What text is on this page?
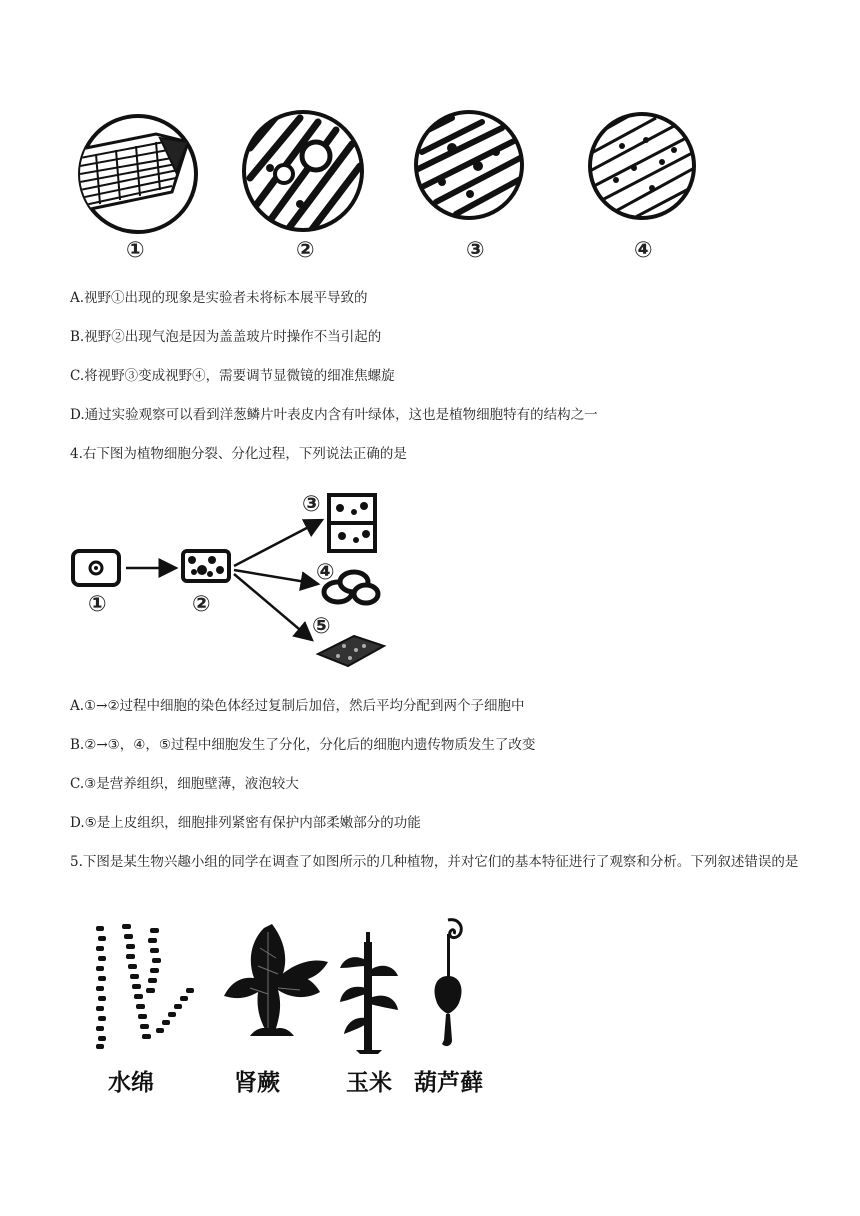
①	②	③	④
A.视野①出现的现象是实验者未将标本展平导致的
B.视野②出现气泡是因为盖盖玻片时操作不当引起的
C.将视野③变成视野④，需要调节显微镜的细准焦螺旋
D.通过实验观察可以看到洋葱鳞片叶表皮内含有叶绿体，这也是植物细胞特有的结构之一
4.右下图为植物细胞分裂、分化过程，下列说法正确的是
①	②
③
④
⑤
A.①→②过程中细胞的染色体经过复制后加倍，然后平均分配到两个子细胞中
B.②→③，④，⑤过程中细胞发生了分化，分化后的细胞内遗传物质发生了改变
C.③是营养组织，细胞壁薄，液泡较大
D.⑤是上皮组织，细胞排列紧密有保护内部柔嫩部分的功能
5.下图是某生物兴趣小组的同学在调查了如图所示的几种植物，并对它们的基本特征进行了观察和分析。下列叙述错误的是
水绵	肾蕨	玉米 葫芦藓
